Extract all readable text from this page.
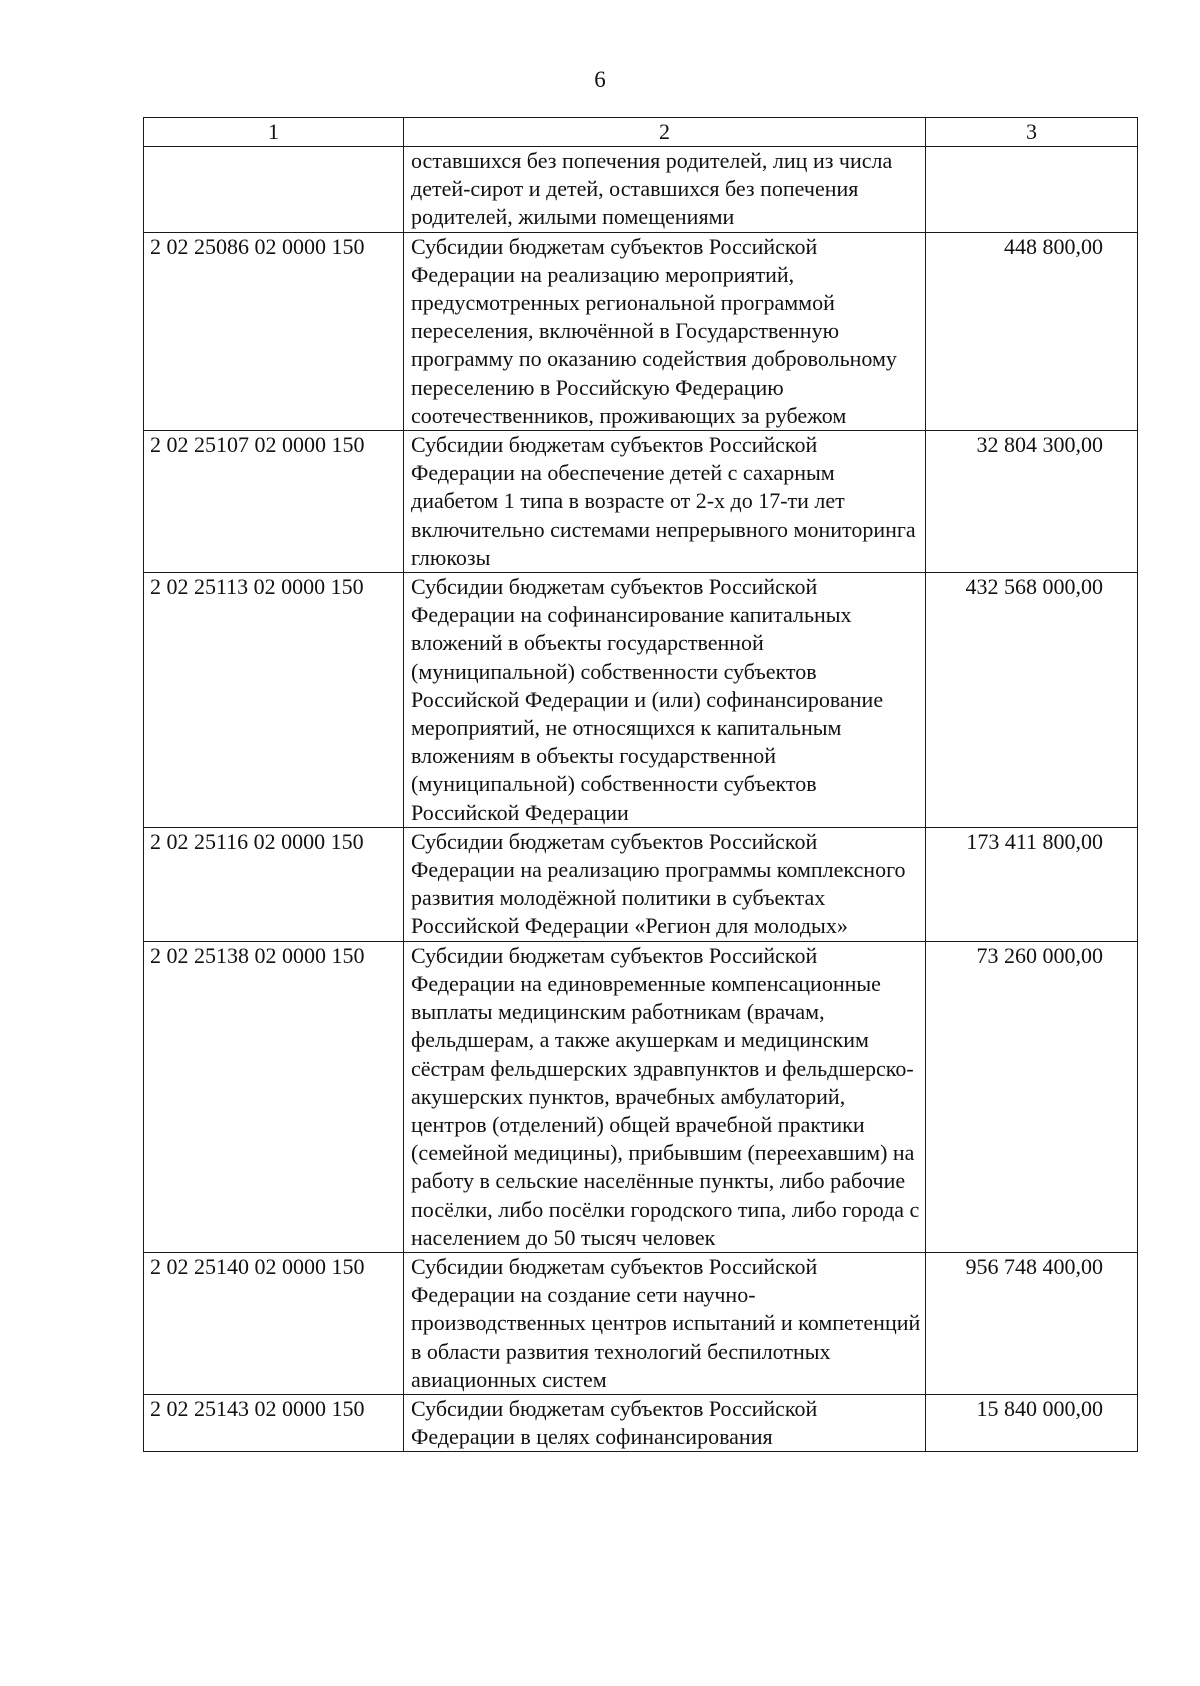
6
1	2	3
	оставшихся без попечения родителей, лиц из числа детей-сирот и детей, оставшихся без попечения родителей, жилыми помещениями	
2 02 25086 02 0000 150	Субсидии бюджетам субъектов Российской Федерации на реализацию мероприятий, предусмотренных региональной программой переселения, включённой в Государственную программу по оказанию содействия добровольному переселению в Российскую Федерацию соотечественников, проживающих за рубежом	448 800,00
2 02 25107 02 0000 150	Субсидии бюджетам субъектов Российской Федерации на обеспечение детей с сахарным диабетом 1 типа в возрасте от 2-х до 17-ти лет включительно системами непрерывного мониторинга глюкозы	32 804 300,00
2 02 25113 02 0000 150	Субсидии бюджетам субъектов Российской Федерации на софинансирование капитальных вложений в объекты государственной (муниципальной) собственности субъектов Российской Федерации и (или) софинансирование мероприятий, не относящихся к капитальным вложениям в объекты государственной (муниципальной) собственности субъектов Российской Федерации	432 568 000,00
2 02 25116 02 0000 150	Субсидии бюджетам субъектов Российской Федерации на реализацию программы комплексного развития молодёжной политики в субъектах Российской Федерации «Регион для молодых»	173 411 800,00
2 02 25138 02 0000 150	Субсидии бюджетам субъектов Российской Федерации на единовременные компенсационные выплаты медицинским работникам (врачам, фельдшерам, а также акушеркам и медицинским сёстрам фельдшерских здравпунктов и фельдшерско-акушерских пунктов, врачебных амбулаторий, центров (отделений) общей врачебной практики (семейной медицины), прибывшим (переехавшим) на работу в сельские населённые пункты, либо рабочие посёлки, либо посёлки городского типа, либо города с населением до 50 тысяч человек	73 260 000,00
2 02 25140 02 0000 150	Субсидии бюджетам субъектов Российской Федерации на создание сети научно-производственных центров испытаний и компетенций в области развития технологий беспилотных авиационных систем	956 748 400,00
2 02 25143 02 0000 150	Субсидии бюджетам субъектов Российской Федерации в целях софинансирования	15 840 000,00
